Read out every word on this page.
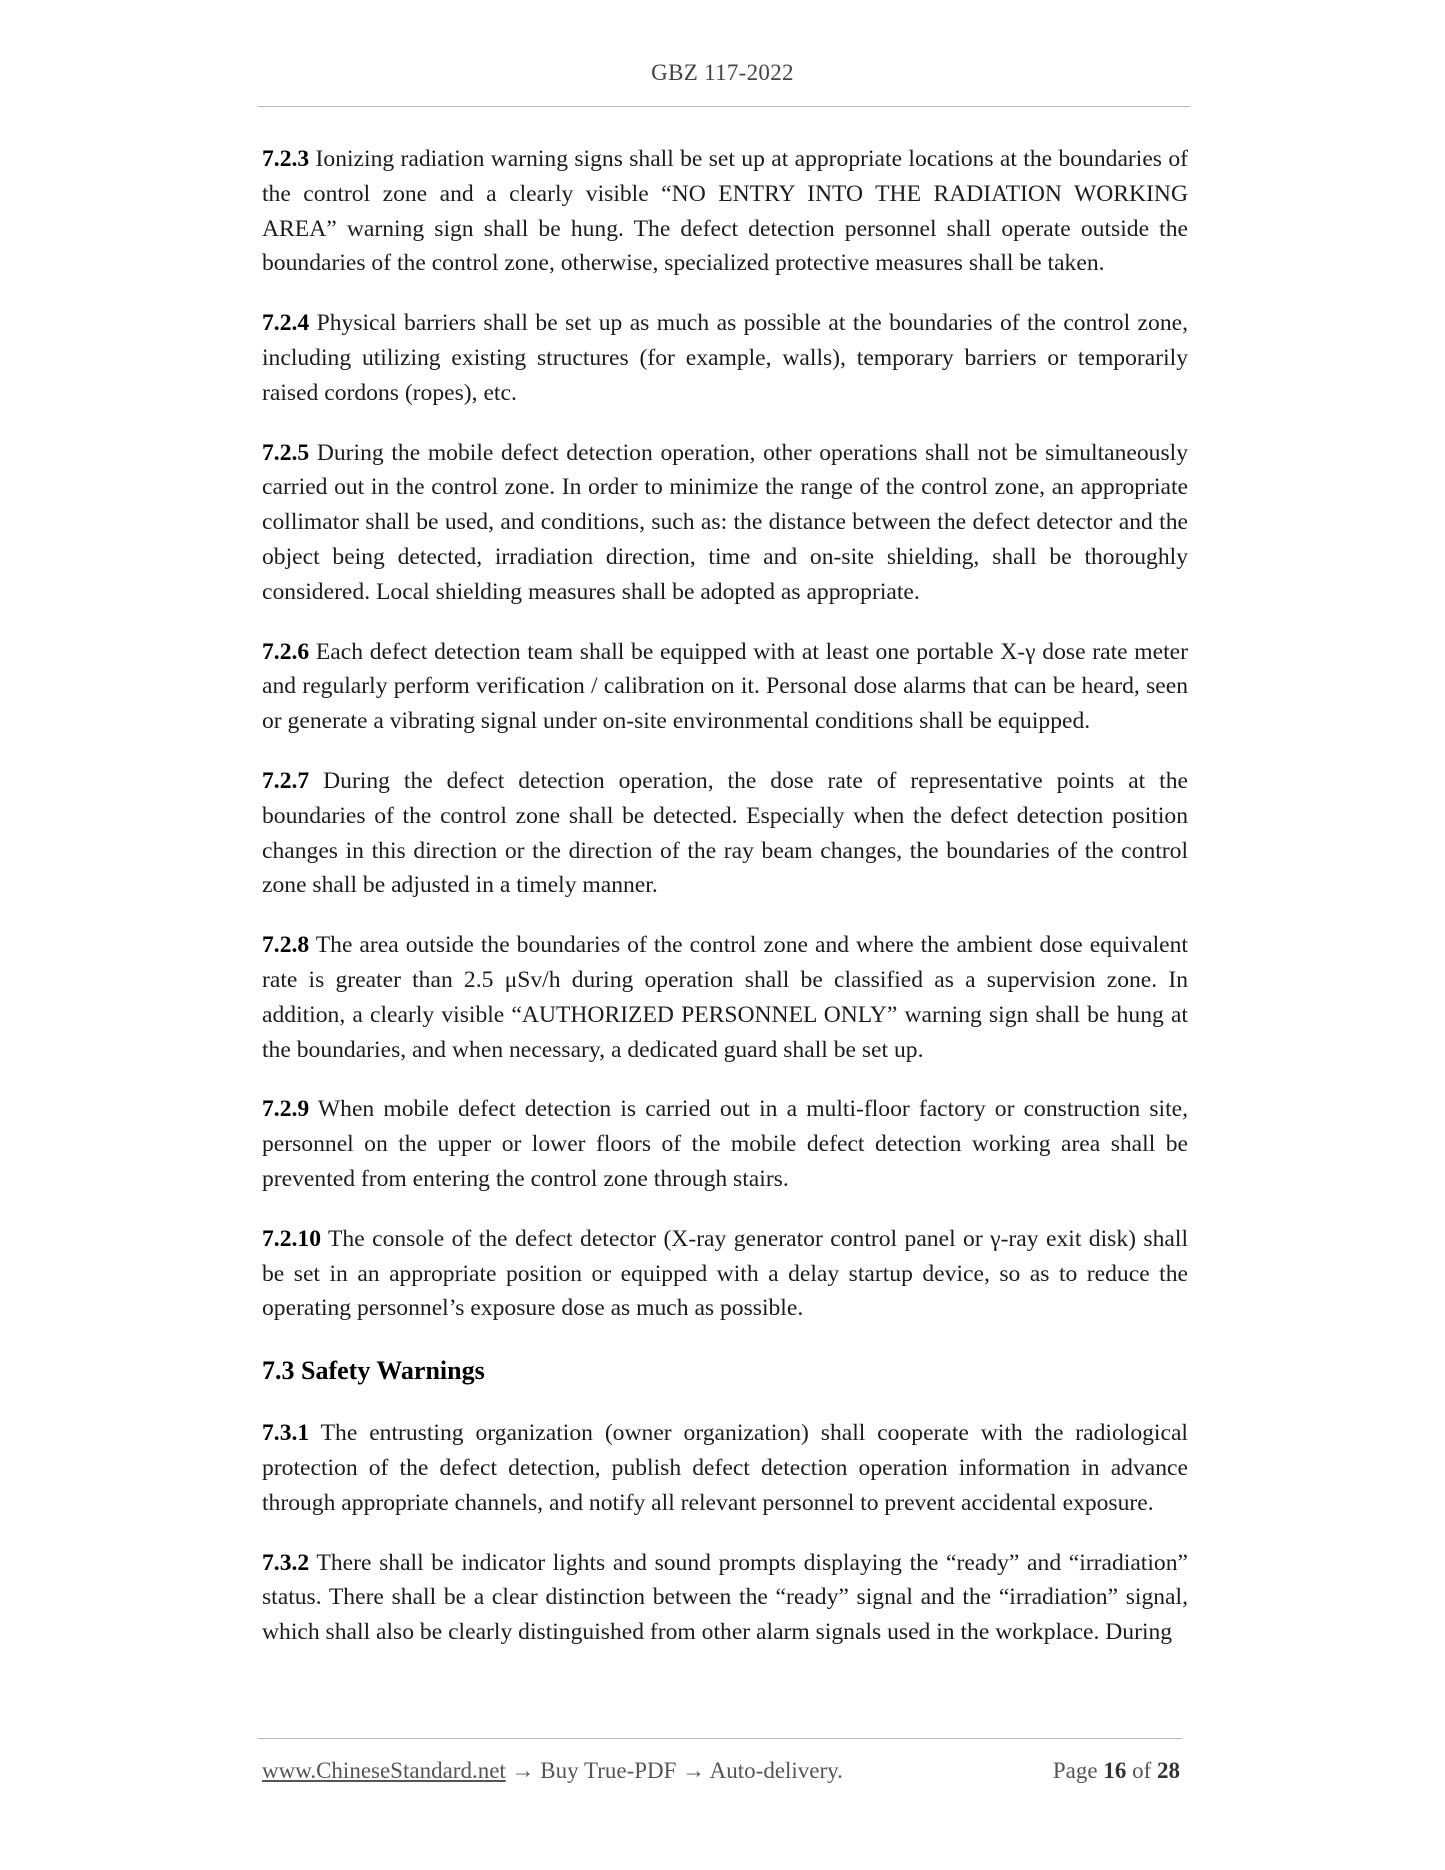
GBZ 117-2022

7.2.3 Ionizing radiation warning signs shall be set up at appropriate locations at the boundaries of the control zone and a clearly visible “NO ENTRY INTO THE RADIATION WORKING AREA” warning sign shall be hung. The defect detection personnel shall operate outside the boundaries of the control zone, otherwise, specialized protective measures shall be taken.

7.2.4 Physical barriers shall be set up as much as possible at the boundaries of the control zone, including utilizing existing structures (for example, walls), temporary barriers or temporarily raised cordons (ropes), etc.

7.2.5 During the mobile defect detection operation, other operations shall not be simultaneously carried out in the control zone. In order to minimize the range of the control zone, an appropriate collimator shall be used, and conditions, such as: the distance between the defect detector and the object being detected, irradiation direction, time and on-site shielding, shall be thoroughly considered. Local shielding measures shall be adopted as appropriate.

7.2.6 Each defect detection team shall be equipped with at least one portable X-γ dose rate meter and regularly perform verification / calibration on it. Personal dose alarms that can be heard, seen or generate a vibrating signal under on-site environmental conditions shall be equipped.

7.2.7 During the defect detection operation, the dose rate of representative points at the boundaries of the control zone shall be detected. Especially when the defect detection position changes in this direction or the direction of the ray beam changes, the boundaries of the control zone shall be adjusted in a timely manner.

7.2.8 The area outside the boundaries of the control zone and where the ambient dose equivalent rate is greater than 2.5 μSv/h during operation shall be classified as a supervision zone. In addition, a clearly visible “AUTHORIZED PERSONNEL ONLY” warning sign shall be hung at the boundaries, and when necessary, a dedicated guard shall be set up.

7.2.9 When mobile defect detection is carried out in a multi-floor factory or construction site, personnel on the upper or lower floors of the mobile defect detection working area shall be prevented from entering the control zone through stairs.

7.2.10 The console of the defect detector (X-ray generator control panel or γ-ray exit disk) shall be set in an appropriate position or equipped with a delay startup device, so as to reduce the operating personnel’s exposure dose as much as possible.

7.3 Safety Warnings

7.3.1 The entrusting organization (owner organization) shall cooperate with the radiological protection of the defect detection, publish defect detection operation information in advance through appropriate channels, and notify all relevant personnel to prevent accidental exposure.

7.3.2 There shall be indicator lights and sound prompts displaying the “ready” and “irradiation” status. There shall be a clear distinction between the “ready” signal and the “irradiation” signal, which shall also be clearly distinguished from other alarm signals used in the workplace. During

www.ChineseStandard.net → Buy True-PDF → Auto-delivery.	Page 16 of 28
